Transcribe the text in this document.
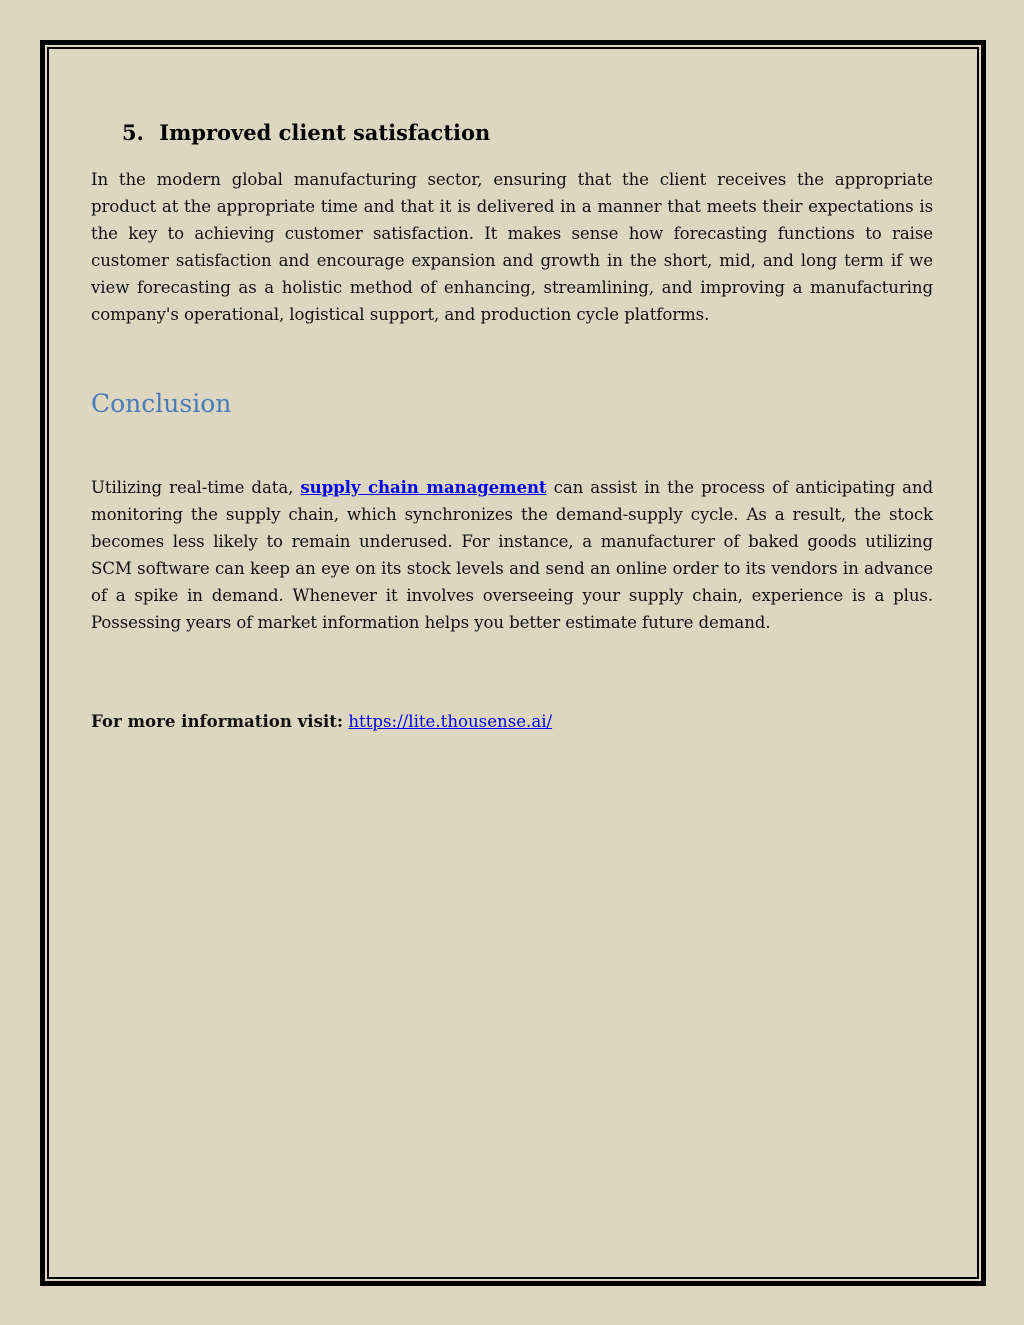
5. Improved client satisfaction

In the modern global manufacturing sector, ensuring that the client receives the appropriate product at the appropriate time and that it is delivered in a manner that meets their expectations is the key to achieving customer satisfaction. It makes sense how forecasting functions to raise customer satisfaction and encourage expansion and growth in the short, mid, and long term if we view forecasting as a holistic method of enhancing, streamlining, and improving a manufacturing company's operational, logistical support, and production cycle platforms.

Conclusion

Utilizing real-time data, supply chain management can assist in the process of anticipating and monitoring the supply chain, which synchronizes the demand-supply cycle. As a result, the stock becomes less likely to remain underused. For instance, a manufacturer of baked goods utilizing SCM software can keep an eye on its stock levels and send an online order to its vendors in advance of a spike in demand. Whenever it involves overseeing your supply chain, experience is a plus. Possessing years of market information helps you better estimate future demand.

For more information visit: https://lite.thousense.ai/
